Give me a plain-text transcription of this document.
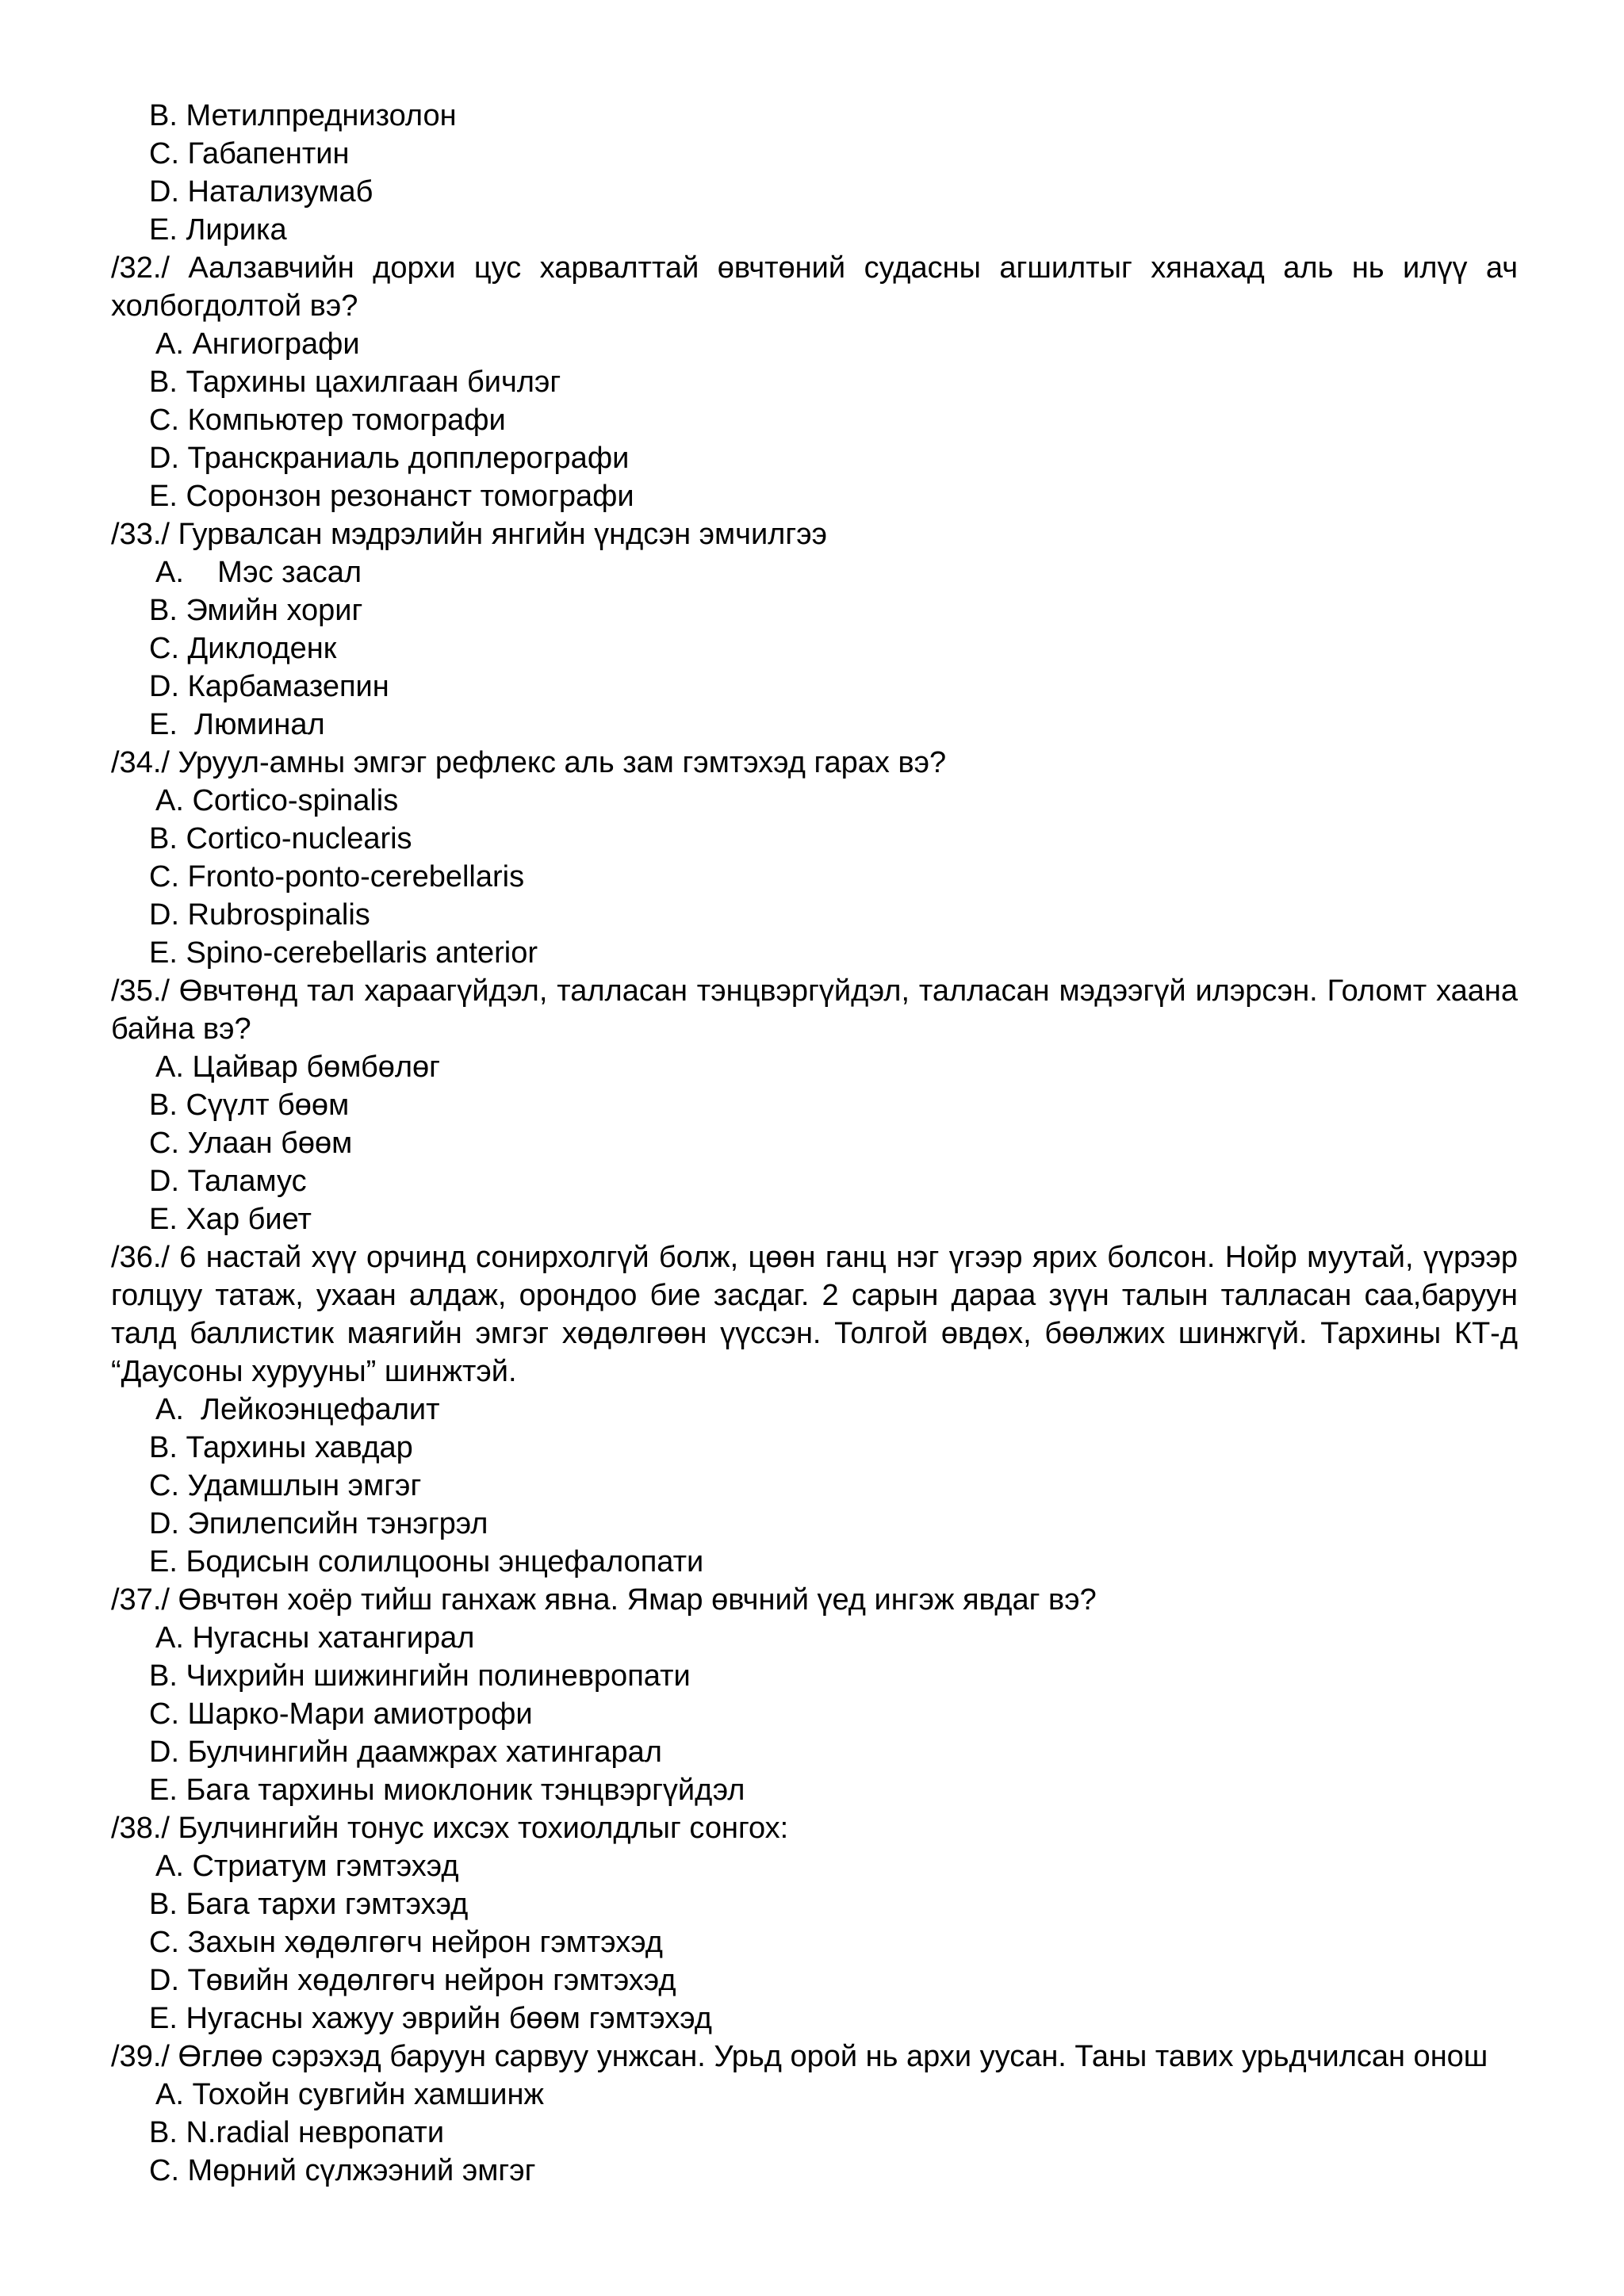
B. Метилпреднизолон
C. Габапентин
D. Натализумаб
E. Лирика
/32./ Аалзавчийн дорхи цус харвалттай өвчтөний судасны агшилтыг хянахад аль нь илүү ач холбогдолтой вэ?
A. Ангиографи
B. Тархины цахилгаан бичлэг
C. Компьютер томографи
D. Транскраниаль допплерографи
E. Соронзон резонанст томографи
/33./ Гурвалсан мэдрэлийн янгийн үндсэн эмчилгээ
A.    Мэс засал
B. Эмийн хориг
C. Диклоденк
D. Карбамазепин
E.  Люминал
/34./ Уруул-амны эмгэг рефлекс аль зам гэмтэхэд гарах вэ?
A. Cortico-spinalis
B. Cortico-nuclearis
C. Fronto-ponto-cerebellaris
D. Rubrospinalis
E. Spino-cerebellaris anterior
/35./ Өвчтөнд тал хараагүйдэл, талласан тэнцвэргүйдэл, талласан мэдээгүй илэрсэн. Голомт хаана байна вэ?
A. Цайвар бөмбөлөг
B. Сүүлт бөөм
C. Улаан бөөм
D. Таламус
E. Хар биет
/36./ 6 настай хүү орчинд сонирхолгүй болж, цөөн ганц нэг үгээр ярих болсон. Нойр муутай, үүрээр голцуу татаж, ухаан алдаж, орондоо бие засдаг. 2 сарын дараа зүүн талын талласан саа,баруун талд баллистик маягийн эмгэг хөдөлгөөн үүссэн. Толгой өвдөх, бөөлжих шинжгүй. Тархины КТ-д “Даусоны хурууны” шинжтэй.
A.  Лейкоэнцефалит
B. Тархины хавдар
C. Удамшлын эмгэг
D. Эпилепсийн тэнэгрэл
E. Бодисын солилцооны энцефалопати
/37./ Өвчтөн хоёр тийш ганхаж явна. Ямар өвчний үед ингэж явдаг вэ?
A. Нугасны хатангирал
B. Чихрийн шижингийн полиневропати
C. Шарко-Мари амиотрофи
D. Булчингийн даамжрах хатингарал
E. Бага тархины миоклоник тэнцвэргүйдэл
/38./ Булчингийн тонус ихсэх тохиолдлыг сонгох:
A. Стриатум гэмтэхэд
B. Бага тархи гэмтэхэд
C. Захын хөдөлгөгч нейрон гэмтэхэд
D. Төвийн хөдөлгөгч нейрон гэмтэхэд
E. Нугасны хажуу эврийн бөөм гэмтэхэд
/39./ Өглөө сэрэхэд баруун сарвуу унжсан. Урьд орой нь архи уусан. Таны тавих урьдчилсан онош
A. Тохойн сувгийн хамшинж
B. N.radial невропати
C. Мөрний сүлжээний эмгэг
